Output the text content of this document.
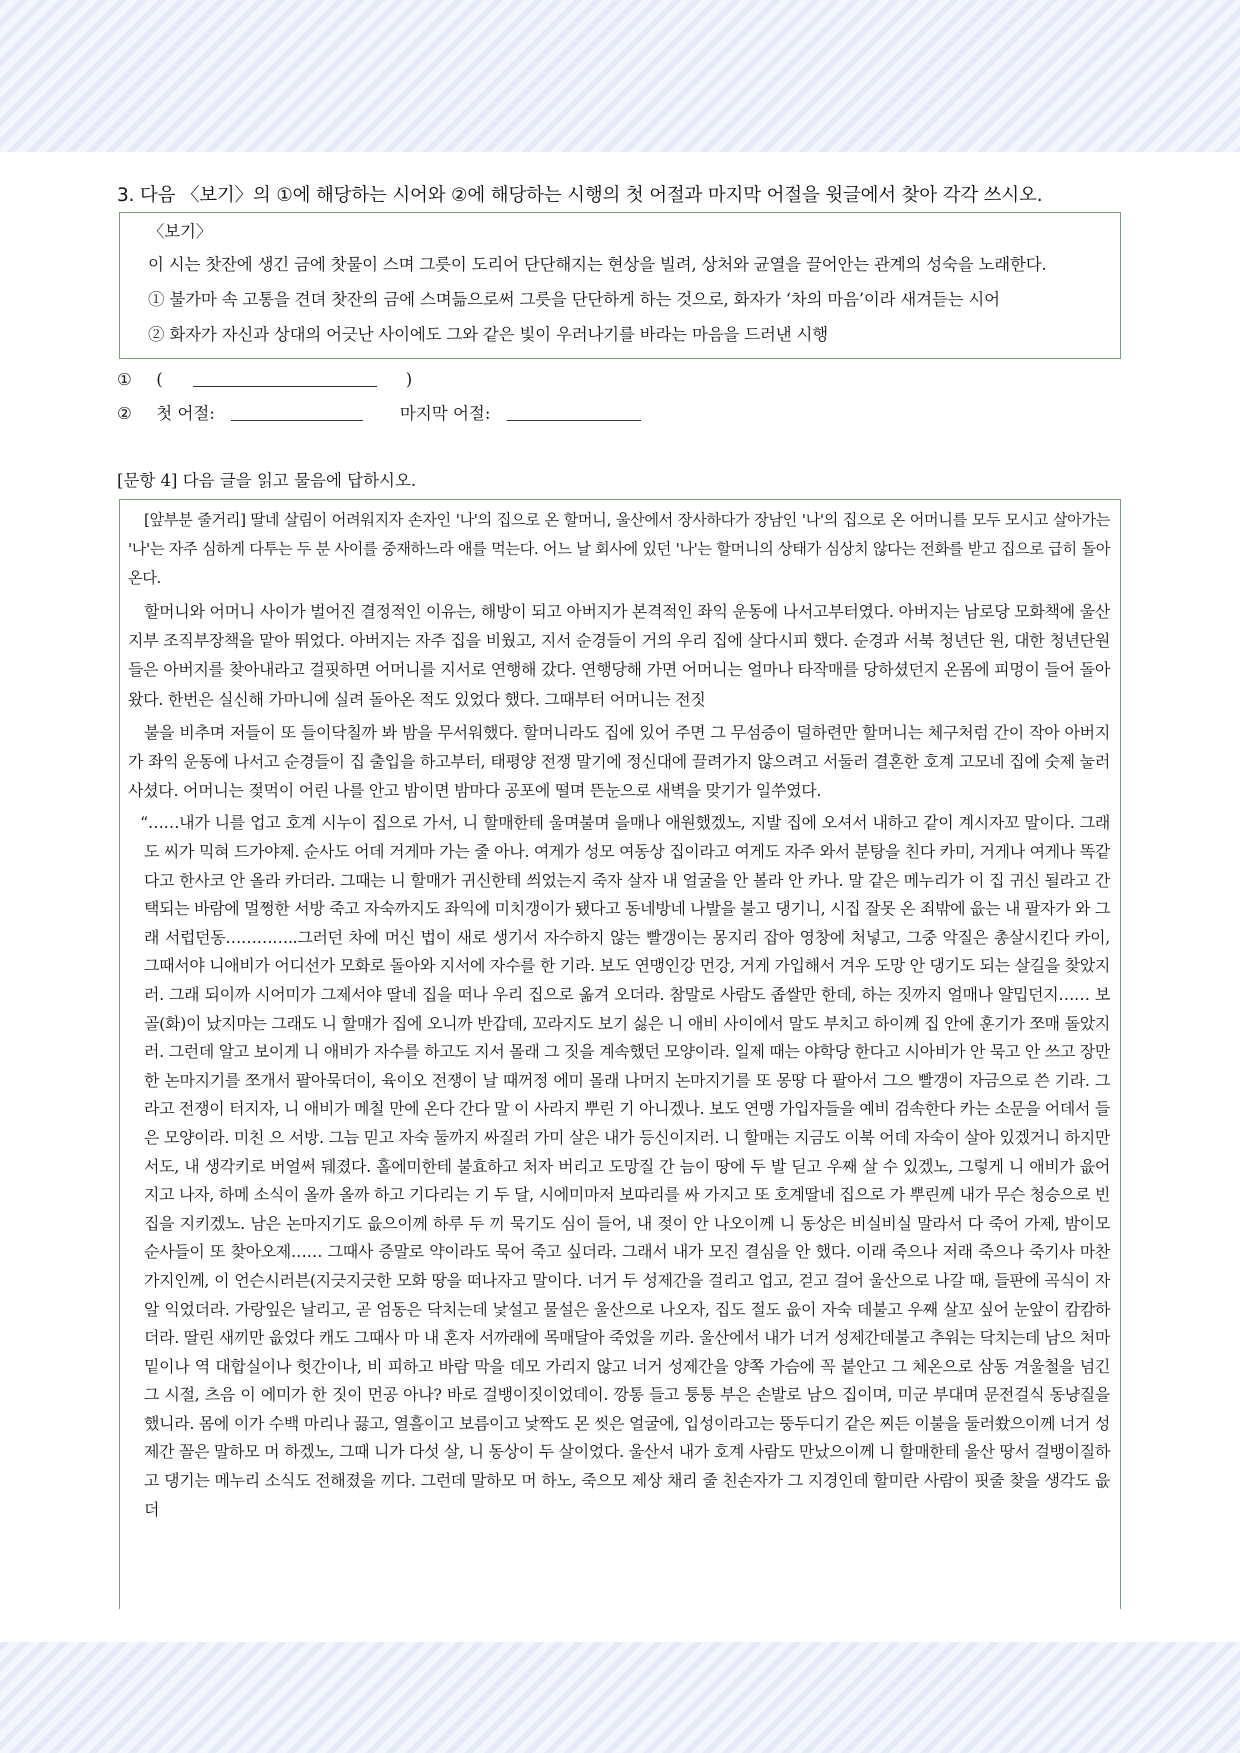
3. 다음 〈보기〉의 ①에 해당하는 시어와 ②에 해당하는 시행의 첫 어절과 마지막 어절을 윗글에서 찾아 각각 쓰시오.
〈보기〉
이 시는 찻잔에 생긴 금에 찻물이 스며 그릇이 도리어 단단해지는 현상을 빌려, 상처와 균열을 끌어안는 관계의 성숙을 노래한다.
① 불가마 속 고통을 견뎌 찻잔의 금에 스며듦으로써 그릇을 단단하게 하는 것으로, 화자가 ‘차의 마음’이라 새겨듣는 시어
② 화자가 자신과 상대의 어긋난 사이에도 그와 같은 빛이 우러나기를 바라는 마음을 드러낸 시행
① (	)
② 첫 어절:	마지막 어절:
[문항 4] 다음 글을 읽고 물음에 답하시오.

[앞부분 줄거리] 딸네 살림이 어려워지자 손자인 '나'의 집으로 온 할머니, 울산에서 장사하다가 장남인 '나'의 집으로 온 어머니를 모두 모시고 살아가는 '나'는 자주 심하게 다투는 두 분 사이를 중재하느라 애를 먹는다. 어느 날 회사에 있던 '나'는 할머니의 상태가 심상치 않다는 전화를 받고 집으로 급히 돌아온다.

할머니와 어머니 사이가 벌어진 결정적인 이유는, 해방이 되고 아버지가 본격적인 좌익 운동에 나서고부터였다. 아버지는 남로당 모화책에 울산지부 조직부장책을 맡아 뛰었다. 아버지는 자주 집을 비웠고, 지서 순경들이 거의 우리 집에 살다시피 했다. 순경과 서북 청년단 원, 대한 청년단원들은 아버지를 찾아내라고 걸핏하면 어머니를 지서로 연행해 갔다. 연행당해 가면 어머니는 얼마나 타작매를 당하셨던지 온몸에 피멍이 들어 돌아왔다. 한번은 실신해 가마니에 실려 돌아온 적도 있었다 했다. 그때부터 어머니는 전짓

불을 비추며 저들이 또 들이닥칠까 봐 밤을 무서워했다. 할머니라도 집에 있어 주면 그 무섬증이 덜하련만 할머니는 체구처럼 간이 작아 아버지가 좌익 운동에 나서고 순경들이 집 출입을 하고부터, 태평양 전쟁 말기에 정신대에 끌려가지 않으려고 서둘러 결혼한 호계 고모네 집에 숫제 눌러사셨다. 어머니는 젖먹이 어린 나를 안고 밤이면 밤마다 공포에 떨며 뜬눈으로 새벽을 맞기가 일쑤였다.

“……내가 니를 업고 호계 시누이 집으로 가서, 니 할매한테 울며불며 을매나 애원했겠노, 지발 집에 오셔서 내하고 같이 계시자꼬 말이다. 그래도 씨가 믹혀 드가야제. 순사도 어데 거게마 가는 줄 아나. 여게가 성모 여동상 집이라고 여게도 자주 와서 분탕을 친다 카미, 거게나 여게나 똑같다고 한사코 안 올라 카더라. 그때는 니 할매가 귀신한테 씌었는지 죽자 살자 내 얼굴을 안 볼라 안 카나. 말 같은 메누리가 이 집 귀신 될라고 간택되는 바람에 멀쩡한 서방 죽고 자숙까지도 좌익에 미치갱이가 됐다고 동네방네 나발을 불고 댕기니, 시집 잘못 온 죄밖에 읎는 내 팔자가 와 그래 서럽던동…………..그러던 차에 머신 법이 새로 생기서 자수하지 않는 빨갱이는 몽지리 잡아 영창에 처넣고, 그중 악질은 총살시킨다 카이, 그때서야 니애비가 어디선가 모화로 돌아와 지서에 자수를 한 기라. 보도 연맹인강 먼강, 거게 가입해서 겨우 도망 안 댕기도 되는 살길을 찾았지러. 그래 되이까 시어미가 그제서야 딸네 집을 떠나 우리 집으로 옮겨 오더라. 참말로 사람도 좁쌀만 한데, 하는 짓까지 얼매나 얄밉던지…… 보골(화)이 났지마는 그래도 니 할매가 집에 오니까 반갑데, 꼬라지도 보기 싫은 니 애비 사이에서 말도 부치고 하이께 집 안에 훈기가 쪼매 돌았지러. 그런데 알고 보이게 니 애비가 자수를 하고도 지서 몰래 그 짓을 계속했던 모양이라. 일제 때는 야학당 한다고 시아비가 안 묵고 안 쓰고 장만한 논마지기를 쪼개서 팔아묵더이, 육이오 전쟁이 날 때꺼정 에미 몰래 나머지 논마지기를 또 몽땅 다 팔아서 그으 빨갱이 자금으로 쓴 기라. 그라고 전쟁이 터지자, 니 애비가 메칠 만에 온다 간다 말 이 사라지 뿌린 기 아니겠나. 보도 연맹 가입자들을 예비 검속한다 카는 소문을 어데서 들은 모양이라. 미친 으 서방. 그늠 믿고 자숙 둘까지 싸질러 가미 살은 내가 등신이지러. 니 할매는 지금도 이북 어데 자숙이 살아 있겠거니 하지만서도, 내 생각키로 버얼써 뒈졌다. 홀에미한테 불효하고 처자 버리고 도망질 간 늠이 땅에 두 발 딛고 우째 살 수 있겠노, 그렇게 니 애비가 읎어지고 나자, 하메 소식이 올까 올까 하고 기다리는 기 두 달, 시에미마저 보따리를 싸 가지고 또 호계딸네 집으로 가 뿌린께 내가 무슨 청승으로 빈집을 지키겠노. 남은 논마지기도 읎으이께 하루 두 끼 묵기도 심이 들어, 내 젖이 안 나오이께 니 동상은 비실비실 말라서 다 죽어 가제, 밤이모 순사들이 또 찾아오제…… 그때사 증말로 약이라도 묵어 죽고 싶더라. 그래서 내가 모진 결심을 안 했다. 이래 죽으나 저래 죽으나 죽기사 마찬가지인께, 이 언슨시러븐(지긋지긋한 모화 땅을 떠나자고 말이다. 너거 두 성제간을 걸리고 업고, 걷고 걸어 울산으로 나갈 때, 들판에 곡식이 자알 익었더라. 가랑잎은 날리고, 곧 엄동은 닥치는데 낯설고 물설은 울산으로 나오자, 집도 절도 읎이 자숙 데불고 우째 살꼬 싶어 눈앞이 캄캄하더라. 딸린 새끼만 읎었다 캐도 그때사 마 내 혼자 서까래에 목매달아 죽었을 끼라. 울산에서 내가 너거 성제간데불고 추워는 닥치는데 남으 처마 밑이나 역 대합실이나 헛간이나, 비 피하고 바람 막을 데모 가리지 않고 너거 성제간을 양쪽 가슴에 꼭 붙안고 그 체온으로 삼동 겨울철을 넘긴 그 시절, 츠음 이 에미가 한 짓이 먼공 아나? 바로 걸뱅이짓이었데이. 깡통 들고 퉁퉁 부은 손발로 남으 집이며, 미군 부대며 문전걸식 동냥질을 했니라. 몸에 이가 수백 마리나 끓고, 열흘이고 보름이고 낯짝도 몬 씻은 얼굴에, 입성이라고는 뚱두디기 같은 찌든 이불을 둘러쐈으이께 너거 성제간 꼴은 말하모 머 하겠노, 그때 니가 다섯 살, 니 동상이 두 살이었다. 울산서 내가 호계 사람도 만났으이께 니 할매한테 울산 땅서 걸뱅이질하고 댕기는 메누리 소식도 전해졌을 끼다. 그런데 말하모 머 하노, 죽으모 제상 채리 줄 친손자가 그 지경인데 할미란 사람이 핏줄 찾을 생각도 읎더
